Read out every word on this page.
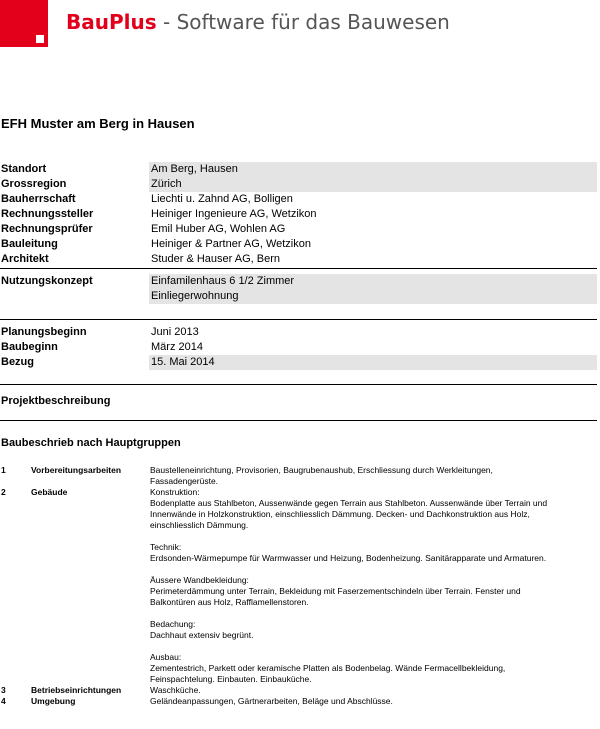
BauPlus - Software für das Bauwesen
EFH Muster am Berg in Hausen
Standort	Am Berg, Hausen
Grossregion	Zürich
Bauherrschaft	Liechti u. Zahnd AG, Bolligen
Rechnungssteller	Heiniger Ingenieure AG, Wetzikon
Rechnungsprüfer	Emil Huber AG, Wohlen AG
Bauleitung	Heiniger & Partner AG, Wetzikon
Architekt	Studer & Hauser AG, Bern
Nutzungskonzept	Einfamilenhaus 6 1/2 Zimmer
Einliegerwohnung
Planungsbeginn	Juni 2013
Baubeginn	März 2014
Bezug	15. Mai 2014
Projektbeschreibung
Baubeschrieb nach Hauptgruppen
1	Vorbereitungsarbeiten	Baustelleneinrichtung, Provisorien, Baugrubenaushub, Erschliessung durch Werkleitungen,

Fassadengerüste.

2	Gebäude	Konstruktion:

Bodenplatte aus Stahlbeton, Aussenwände gegen Terrain aus Stahlbeton. Aussenwände über Terrain und

Innenwände in Holzkonstruktion, einschliesslich Dämmung. Decken- und Dachkonstruktion aus Holz,

einschliesslich Dämmung.

Technik:

Erdsonden-Wärmepumpe für Warmwasser und Heizung, Bodenheizung. Sanitärapparate und Armaturen.

Äussere Wandbekleidung:

Perimeterdämmung unter Terrain, Bekleidung mit Faserzementschindeln über Terrain. Fenster und

Balkontüren aus Holz, Rafflamellenstoren.

Bedachung:

Dachhaut extensiv begrünt.

Ausbau:

Zementestrich, Parkett oder keramische Platten als Bodenbelag. Wände Fermacellbekleidung,

Feinspachtelung. Einbauten. Einbauküche.

3	Betriebseinrichtungen	Waschküche.

4	Umgebung	Geländeanpassungen, Gärtnerarbeiten, Beläge und Abschlüsse.
